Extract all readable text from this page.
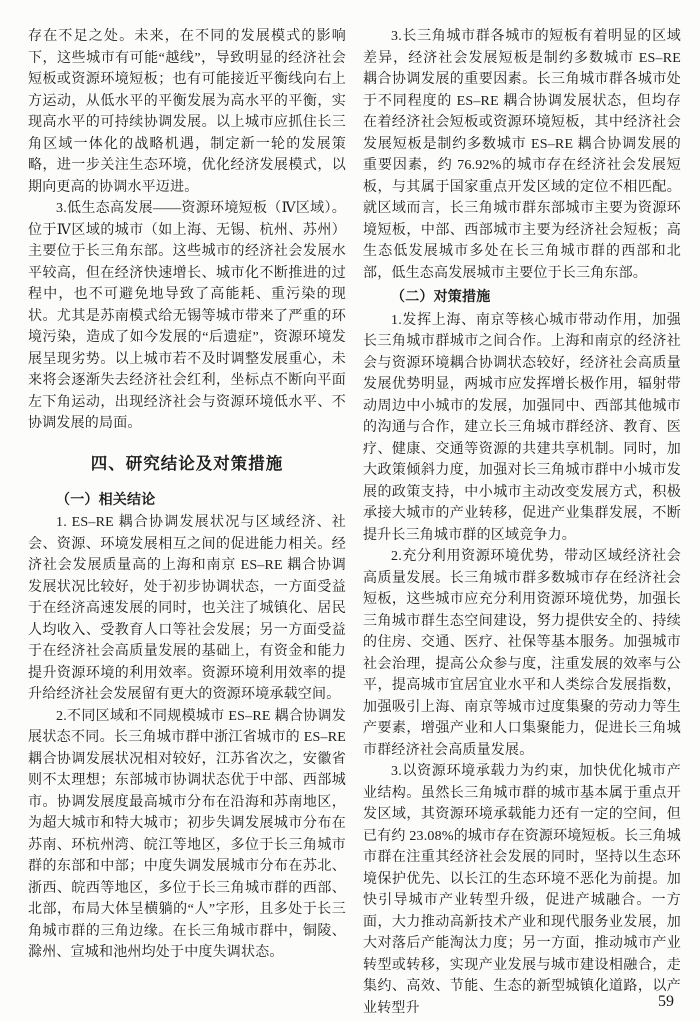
存在不足之处。未来，在不同的发展模式的影响下，这些城市有可能“越线”，导致明显的经济社会短板或资源环境短板；也有可能接近平衡线向右上方运动，从低水平的平衡发展为高水平的平衡，实现高水平的可持续协调发展。以上城市应抓住长三角区域一体化的战略机遇，制定新一轮的发展策略，进一步关注生态环境，优化经济发展模式，以期向更高的协调水平迈进。

3.低生态高发展——资源环境短板（Ⅳ区域）。位于Ⅳ区域的城市（如上海、无锡、杭州、苏州）主要位于长三角东部。这些城市的经济社会发展水平较高，但在经济快速增长、城市化不断推进的过程中，也不可避免地导致了高能耗、重污染的现状。尤其是苏南模式给无锡等城市带来了严重的环境污染，造成了如今发展的“后遗症”，资源环境发展呈现劣势。以上城市若不及时调整发展重心，未来将会逐渐失去经济社会红利，坐标点不断向平面左下角运动，出现经济社会与资源环境低水平、不协调发展的局面。

四、研究结论及对策措施
（一）相关结论

1. ES–RE 耦合协调发展状况与区域经济、社会、资源、环境发展相互之间的促进能力相关。经济社会发展质量高的上海和南京 ES–RE 耦合协调发展状况比较好，处于初步协调状态，一方面受益于在经济高速发展的同时，也关注了城镇化、居民人均收入、受教育人口等社会发展；另一方面受益于在经济社会高质量发展的基础上，有资金和能力提升资源环境的利用效率。资源环境利用效率的提升给经济社会发展留有更大的资源环境承载空间。

2.不同区域和不同规模城市 ES–RE 耦合协调发展状态不同。长三角城市群中浙江省城市的 ES–RE 耦合协调发展状况相对较好，江苏省次之，安徽省则不太理想；东部城市协调状态优于中部、西部城市。协调发展度最高城市分布在沿海和苏南地区，为超大城市和特大城市；初步失调发展城市分布在苏南、环杭州湾、皖江等地区，多位于长三角城市群的东部和中部；中度失调发展城市分布在苏北、浙西、皖西等地区，多位于长三角城市群的西部、北部，布局大体呈横躺的“人”字形，且多处于长三角城市群的三角边缘。在长三角城市群中，铜陵、滁州、宣城和池州均处于中度失调状态。

3.长三角城市群各城市的短板有着明显的区域差异，经济社会发展短板是制约多数城市 ES–RE 耦合协调发展的重要因素。长三角城市群各城市处于不同程度的 ES–RE 耦合协调发展状态，但均存在着经济社会短板或资源环境短板，其中经济社会发展短板是制约多数城市 ES–RE 耦合协调发展的重要因素，约 76.92%的城市存在经济社会发展短板，与其属于国家重点开发区域的定位不相匹配。就区域而言，长三角城市群东部城市主要为资源环境短板，中部、西部城市主要为经济社会短板；高生态低发展城市多处在长三角城市群的西部和北部，低生态高发展城市主要位于长三角东部。

（二）对策措施

1.发挥上海、南京等核心城市带动作用，加强长三角城市群城市之间合作。上海和南京的经济社会与资源环境耦合协调状态较好，经济社会高质量发展优势明显，两城市应发挥增长极作用，辐射带动周边中小城市的发展，加强同中、西部其他城市的沟通与合作，建立长三角城市群经济、教育、医疗、健康、交通等资源的共建共享机制。同时，加大政策倾斜力度，加强对长三角城市群中小城市发展的政策支持，中小城市主动改变发展方式，积极承接大城市的产业转移，促进产业集群发展，不断提升长三角城市群的区域竞争力。

2.充分利用资源环境优势，带动区域经济社会高质量发展。长三角城市群多数城市存在经济社会短板，这些城市应充分利用资源环境优势，加强长三角城市群生态空间建设，努力提供安全的、持续的住房、交通、医疗、社保等基本服务。加强城市社会治理，提高公众参与度，注重发展的效率与公平，提高城市宜居宜业水平和人类综合发展指数，加强吸引上海、南京等城市过度集聚的劳动力等生产要素，增强产业和人口集聚能力，促进长三角城市群经济社会高质量发展。

3.以资源环境承载力为约束，加快优化城市产业结构。虽然长三角城市群的城市基本属于重点开发区域，其资源环境承载能力还有一定的空间，但已有约 23.08%的城市存在资源环境短板。长三角城市群在注重其经济社会发展的同时，坚持以生态环境保护优先、以长江的生态环境不恶化为前提。加快引导城市产业转型升级，促进产城融合。一方面，大力推动高新技术产业和现代服务业发展，加大对落后产能淘汰力度；另一方面，推动城市产业转型或转移，实现产业发展与城市建设相融合，走集约、高效、节能、生态的新型城镇化道路，以产业转型升	59
